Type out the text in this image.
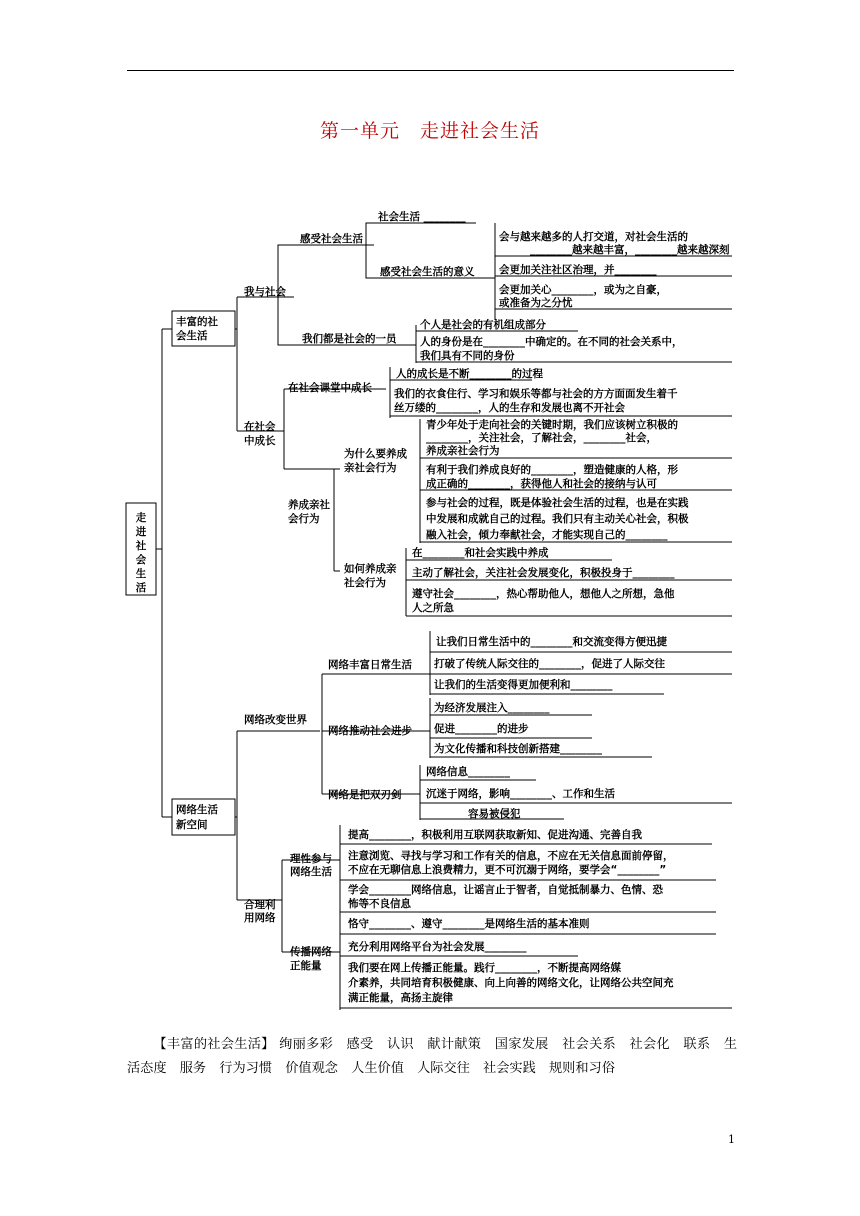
第一单元　走进社会生活
走进社会生活
丰富的社
会生活
网络生活
新空间
我与社会
感受社会生活
社会生活 ________
感受社会生活的意义
会与越来越多的人打交道，对社会生活的
________越来越丰富，________越来越深刻
会更加关注社区治理，并________
会更加关心________，或为之自豪，
或准备为之分忧
我们都是社会的一员
个人是社会的有机组成部分
人的身份是在________中确定的。在不同的社会关系中，
我们具有不同的身份
在社会
中成长
在社会课堂中成长
人的成长是不断________的过程
我们的衣食住行、学习和娱乐等都与社会的方方面面发生着千
丝万缕的________，人的生存和发展也离不开社会
养成亲社
会行为
为什么要养成
亲社会行为
青少年处于走向社会的关键时期，我们应该树立积极的
________，关注社会，了解社会，________社会，
养成亲社会行为
有利于我们养成良好的________，塑造健康的人格，形
成正确的________，获得他人和社会的接纳与认可
参与社会的过程，既是体验社会生活的过程，也是在实践
中发展和成就自己的过程。我们只有主动关心社会，积极
融入社会，倾力奉献社会，才能实现自己的________
如何养成亲
社会行为
在________和社会实践中养成
主动了解社会，关注社会发展变化，积极投身于________
遵守社会________，热心帮助他人，想他人之所想，急他
人之所急
网络改变世界
网络丰富日常生活
让我们日常生活中的________和交流变得方便迅捷
打破了传统人际交往的________，促进了人际交往
让我们的生活变得更加便利和________
网络推动社会进步
为经济发展注入________
促进________的进步
为文化传播和科技创新搭建________
网络是把双刃剑
网络信息________
沉迷于网络，影响________、工作和生活
________容易被侵犯
合理利
用网络
理性参与
网络生活
提高________，积极利用互联网获取新知、促进沟通、完善自我
注意浏览、寻找与学习和工作有关的信息，不应在无关信息面前停留，
不应在无聊信息上浪费精力，更不可沉溺于网络，要学会“________”
学会________网络信息，让谣言止于智者，自觉抵制暴力、色情、恐
怖等不良信息
恪守________、遵守________是网络生活的基本准则
传播网络
正能量
充分利用网络平台为社会发展________
我们要在网上传播正能量。践行________，不断提高网络媒
介素养，共同培育积极健康、向上向善的网络文化，让网络公共空间充
满正能量，高扬主旋律
【丰富的社会生活】 绚丽多彩　感受　认识　献计献策　国家发展　社会关系　社会化　联系　生活态度　服务　行为习惯　价值观念　人生价值　人际交往　社会实践　规则和习俗
1
